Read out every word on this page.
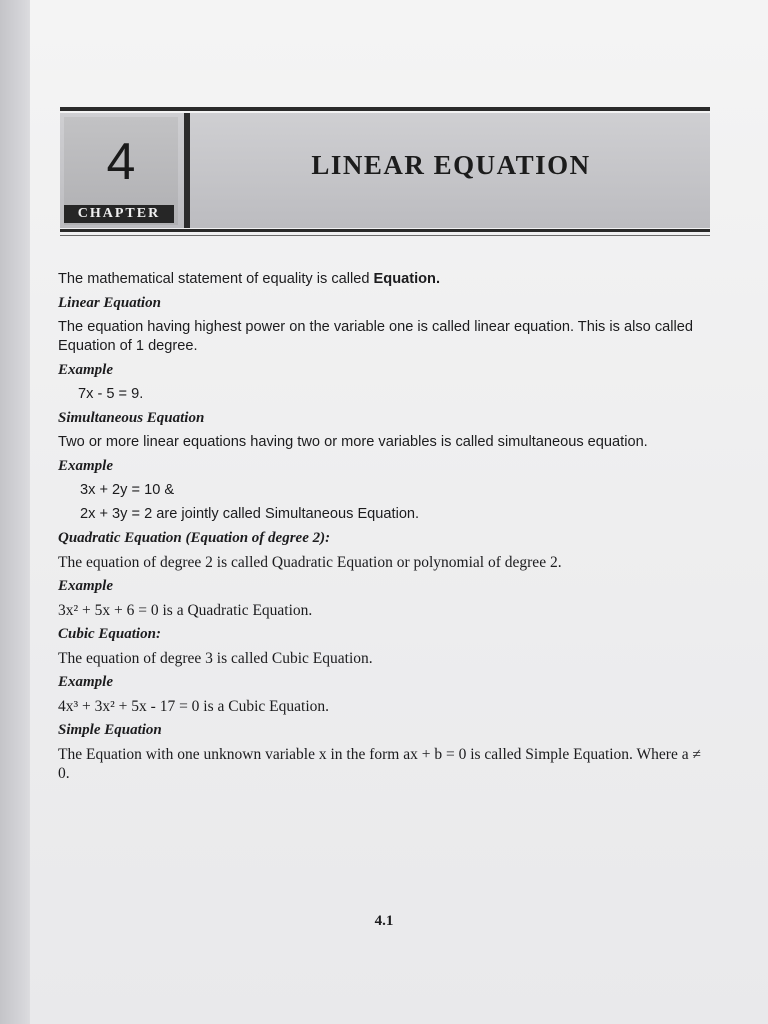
4
CHAPTER
LINEAR EQUATION

The mathematical statement of equality is called Equation.

Linear Equation

The equation having highest power on the variable one is called linear equation. This is also called Equation of 1 degree.

Example

7x - 5 = 9.

Simultaneous Equation

Two or more linear equations having two or more variables is called simultaneous equation.

Example

3x + 2y = 10 &

2x + 3y = 2 are jointly called Simultaneous Equation.

Quadratic Equation (Equation of degree 2):

The equation of degree 2 is called Quadratic Equation or polynomial of degree 2.

Example

3x² + 5x + 6 = 0 is a Quadratic Equation.

Cubic Equation:

The equation of degree 3 is called Cubic Equation.

Example

4x³ + 3x² + 5x - 17 = 0 is a Cubic Equation.

Simple Equation

The Equation with one unknown variable x in the form ax + b = 0 is called Simple Equation. Where a ≠ 0.

4.1
